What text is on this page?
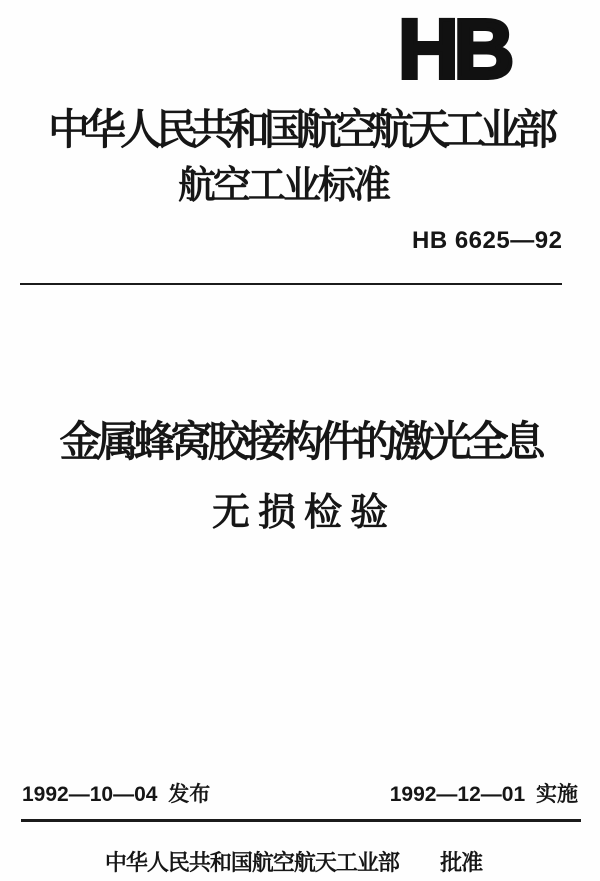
HB
中华人民共和国航空航天工业部
航空工业标准
HB 6625—92
金属蜂窝胶接构件的激光全息
无损检验
1992—10—04 发布	1992—12—01 实施
中华人民共和国航空航天工业部 批准
